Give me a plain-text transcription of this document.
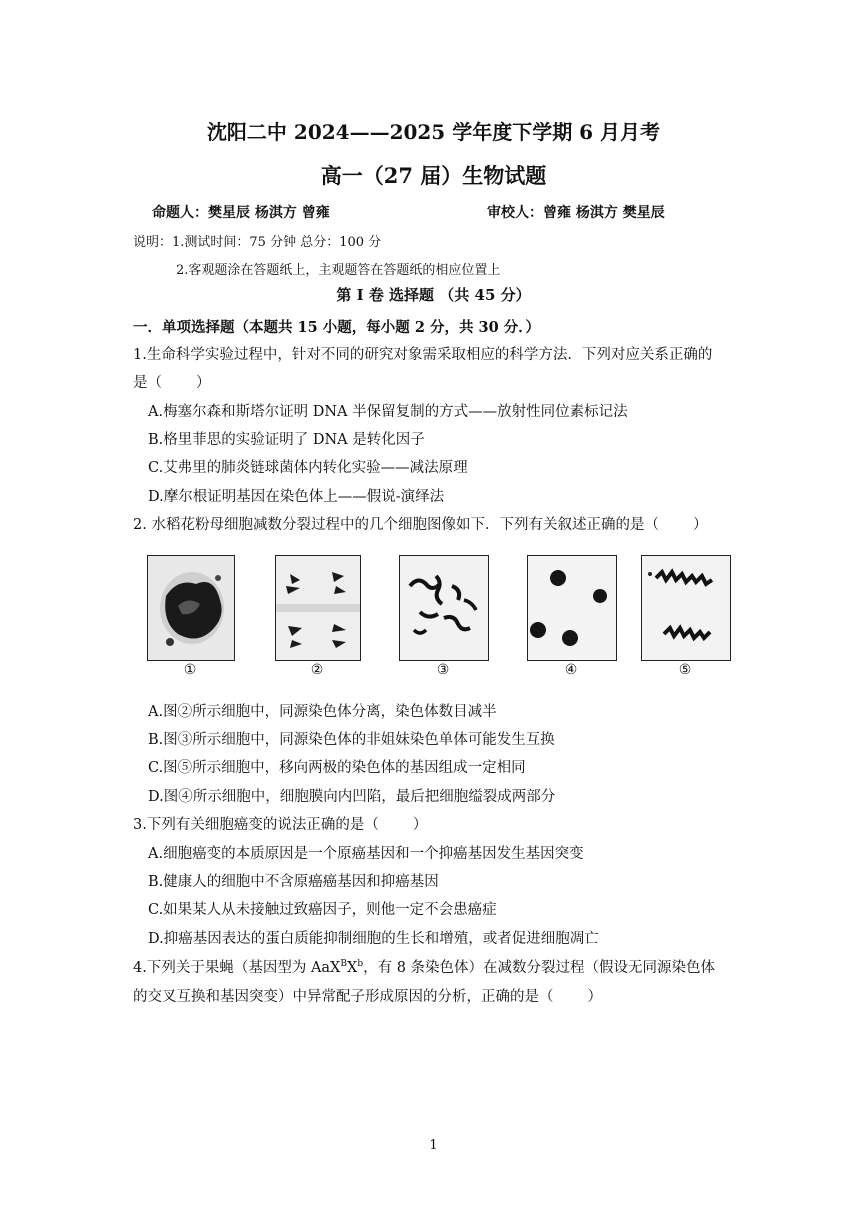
沈阳二中 2024——2025 学年度下学期 6 月月考
高一（27 届）生物试题
命题人：樊星辰 杨淇方 曾雍	审校人：曾雍 杨淇方 樊星辰
说明：1.测试时间：75 分钟 总分：100 分
2.客观题涂在答题纸上，主观题答在答题纸的相应位置上
第 I 卷 选择题 （共 45 分）
一．单项选择题（本题共 15 小题，每小题 2 分，共 30 分．）
1.生命科学实验过程中，针对不同的研究对象需采取相应的科学方法．下列对应关系正确的
是（ ）
A.梅塞尔森和斯塔尔证明 DNA 半保留复制的方式——放射性同位素标记法
B.格里菲思的实验证明了 DNA 是转化因子
C.艾弗里的肺炎链球菌体内转化实验——减法原理
D.摩尔根证明基因在染色体上——假说-演绎法
2. 水稻花粉母细胞减数分裂过程中的几个细胞图像如下．下列有关叙述正确的是（ ）
①	②	③	④	⑤
A.图②所示细胞中，同源染色体分离，染色体数目减半
B.图③所示细胞中，同源染色体的非姐妹染色单体可能发生互换
C.图⑤所示细胞中，移向两极的染色体的基因组成一定相同
D.图④所示细胞中，细胞膜向内凹陷，最后把细胞缢裂成两部分
3.下列有关细胞癌变的说法正确的是（ ）
A.细胞癌变的本质原因是一个原癌基因和一个抑癌基因发生基因突变
B.健康人的细胞中不含原癌癌基因和抑癌基因
C.如果某人从未接触过致癌因子，则他一定不会患癌症
D.抑癌基因表达的蛋白质能抑制细胞的生长和增殖，或者促进细胞凋亡
4.下列关于果蝇（基因型为 $AaX^BX^b$，有 8 条染色体）在减数分裂过程（假设无同源染色体
的交叉互换和基因突变）中异常配子形成原因的分析，正确的是（ ）
1
